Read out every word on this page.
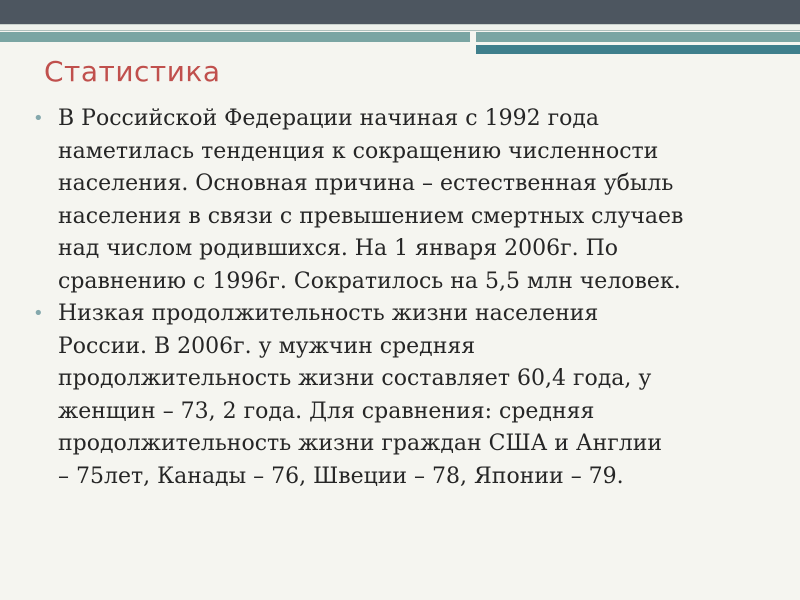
Статистика
• В Российской Федерации начиная с 1992 года
наметилась тенденция к сокращению численности
населения. Основная причина – естественная убыль
населения в связи с превышением смертных случаев
над числом родившихся. На 1 января 2006г. По
сравнению с 1996г. Сократилось на 5,5 млн человек.
• Низкая продолжительность жизни населения
России. В 2006г. у мужчин средняя
продолжительность жизни составляет 60,4 года, у
женщин – 73, 2 года. Для сравнения: средняя
продолжительность жизни граждан США и Англии
– 75лет, Канады – 76, Швеции – 78, Японии – 79.
